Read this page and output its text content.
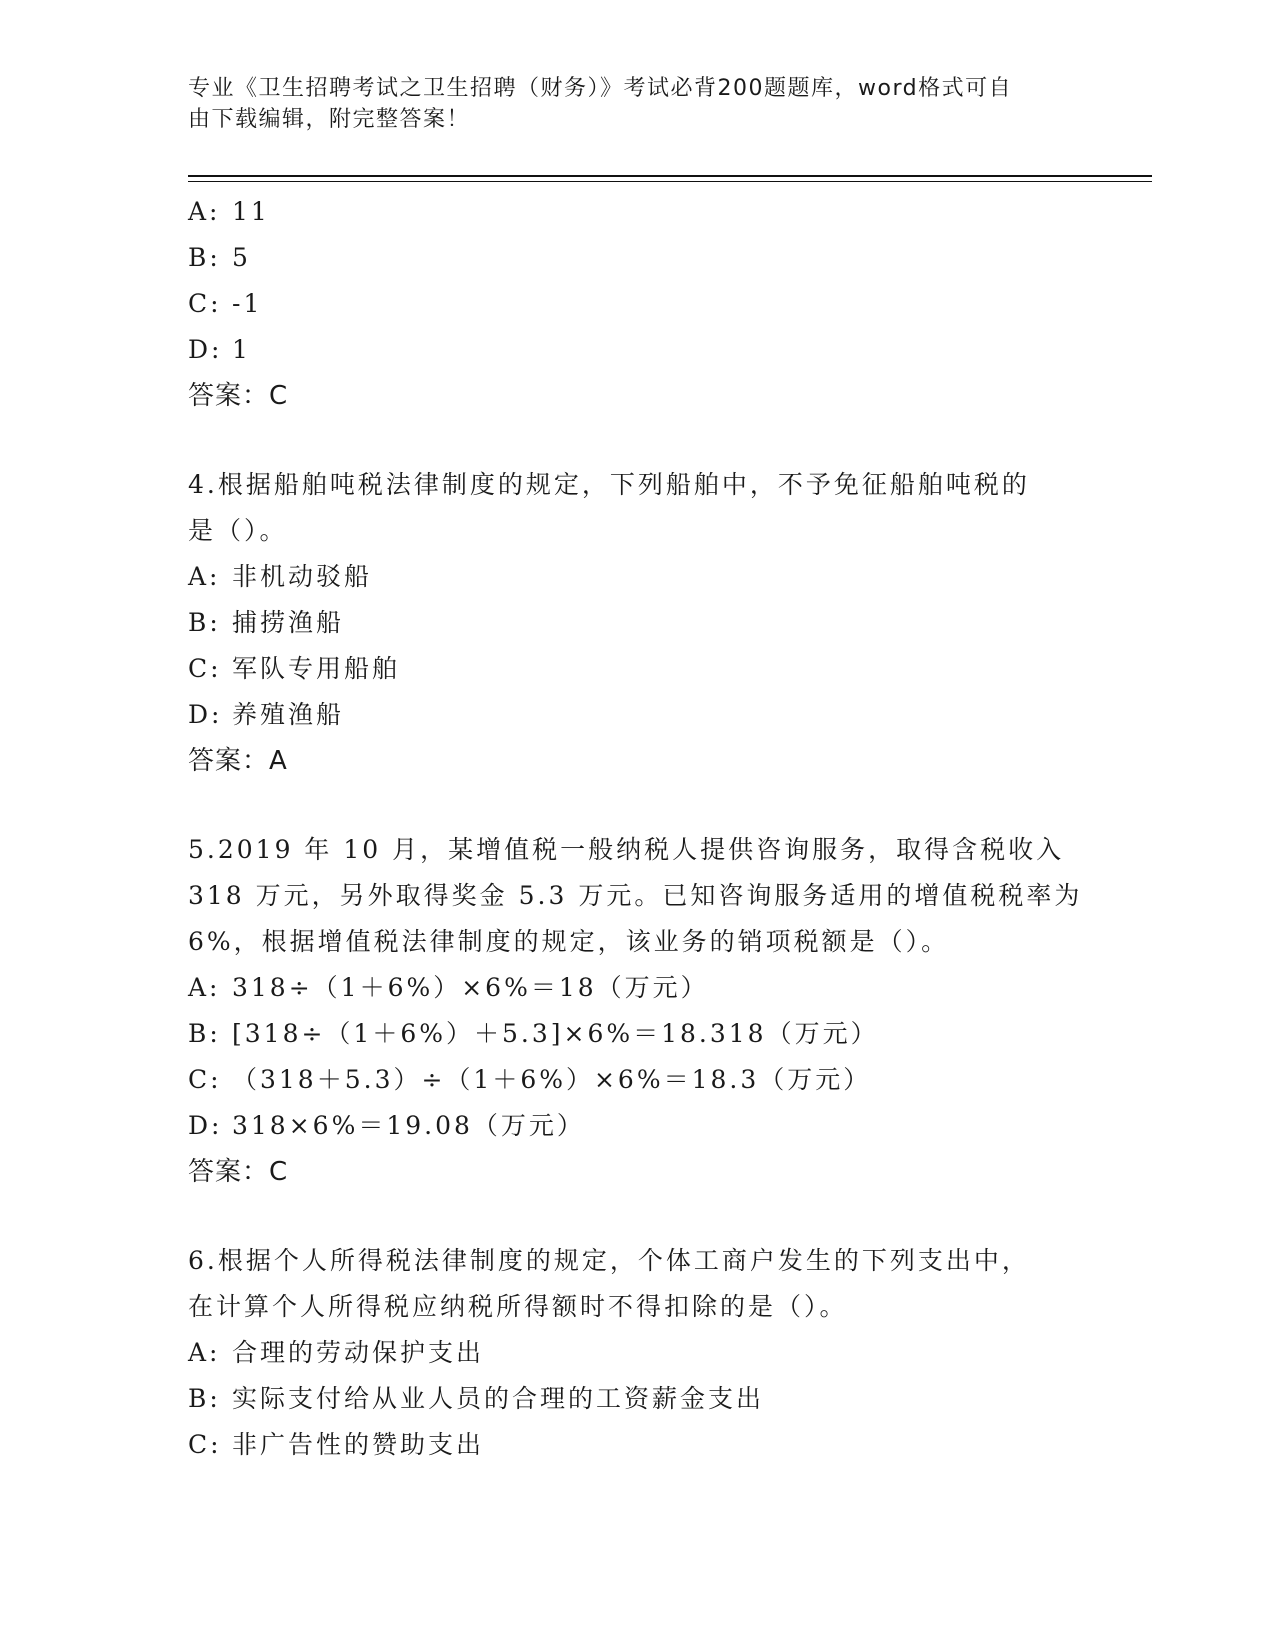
专业《卫生招聘考试之卫生招聘（财务）》考试必背200题题库，word格式可自
由下载编辑，附完整答案！
A: 11
B: 5
C: -1
D: 1
答案：C
4.根据船舶吨税法律制度的规定，下列船舶中，不予免征船舶吨税的
是（）。
A: 非机动驳船
B: 捕捞渔船
C: 军队专用船舶
D: 养殖渔船
答案：A
5.2019 年 10 月，某增值税一般纳税人提供咨询服务，取得含税收入
318 万元，另外取得奖金 5.3 万元。已知咨询服务适用的增值税税率为
6%，根据增值税法律制度的规定，该业务的销项税额是（）。
A: 318÷（1＋6%）×6%＝18（万元）
B: [318÷（1＋6%）＋5.3]×6%＝18.318（万元）
C: （318＋5.3）÷（1＋6%）×6%＝18.3（万元）
D: 318×6%＝19.08（万元）
答案：C
6.根据个人所得税法律制度的规定，个体工商户发生的下列支出中，
在计算个人所得税应纳税所得额时不得扣除的是（）。
A: 合理的劳动保护支出
B: 实际支付给从业人员的合理的工资薪金支出
C: 非广告性的赞助支出
